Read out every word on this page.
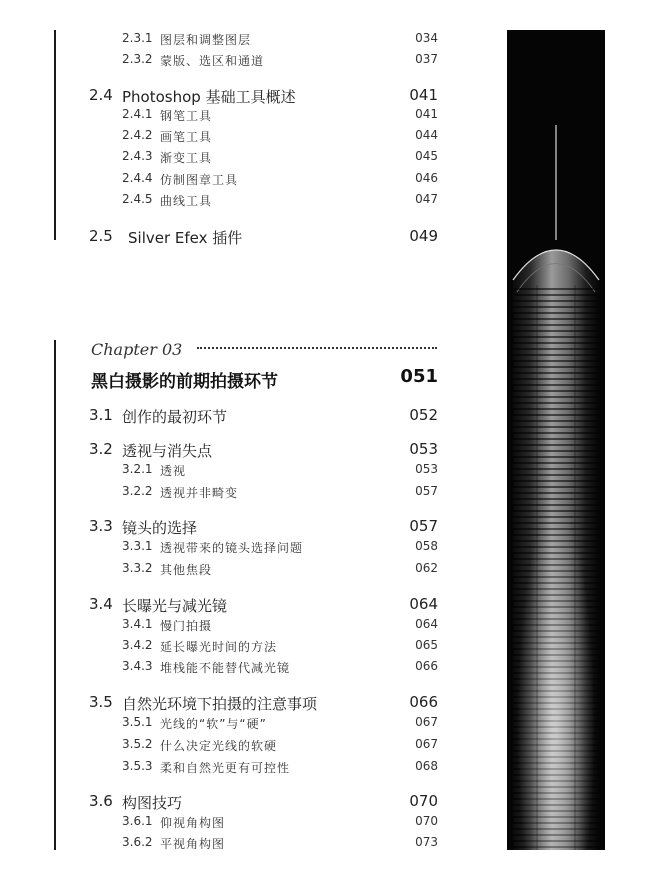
2.3.1 图层和调整图层	034
2.3.2 蒙版、选区和通道	037
2.4 Photoshop 基础工具概述	041
2.4.1 钢笔工具	041
2.4.2 画笔工具	044
2.4.3 渐变工具	045
2.4.4 仿制图章工具	046
2.4.5 曲线工具	047
2.5 Silver Efex 插件	049
Chapter 03
黑白摄影的前期拍摄环节	051
3.1 创作的最初环节	052
3.2 透视与消失点	053
3.2.1 透视	053
3.2.2 透视并非畸变	057
3.3 镜头的选择	057
3.3.1 透视带来的镜头选择问题	058
3.3.2 其他焦段	062
3.4 长曝光与减光镜	064
3.4.1 慢门拍摄	064
3.4.2 延长曝光时间的方法	065
3.4.3 堆栈能不能替代减光镜	066
3.5 自然光环境下拍摄的注意事项	066
3.5.1 光线的“软”与“硬”	067
3.5.2 什么决定光线的软硬	067
3.5.3 柔和自然光更有可控性	068
3.6 构图技巧	070
3.6.1 仰视角构图	070
3.6.2 平视角构图	073
